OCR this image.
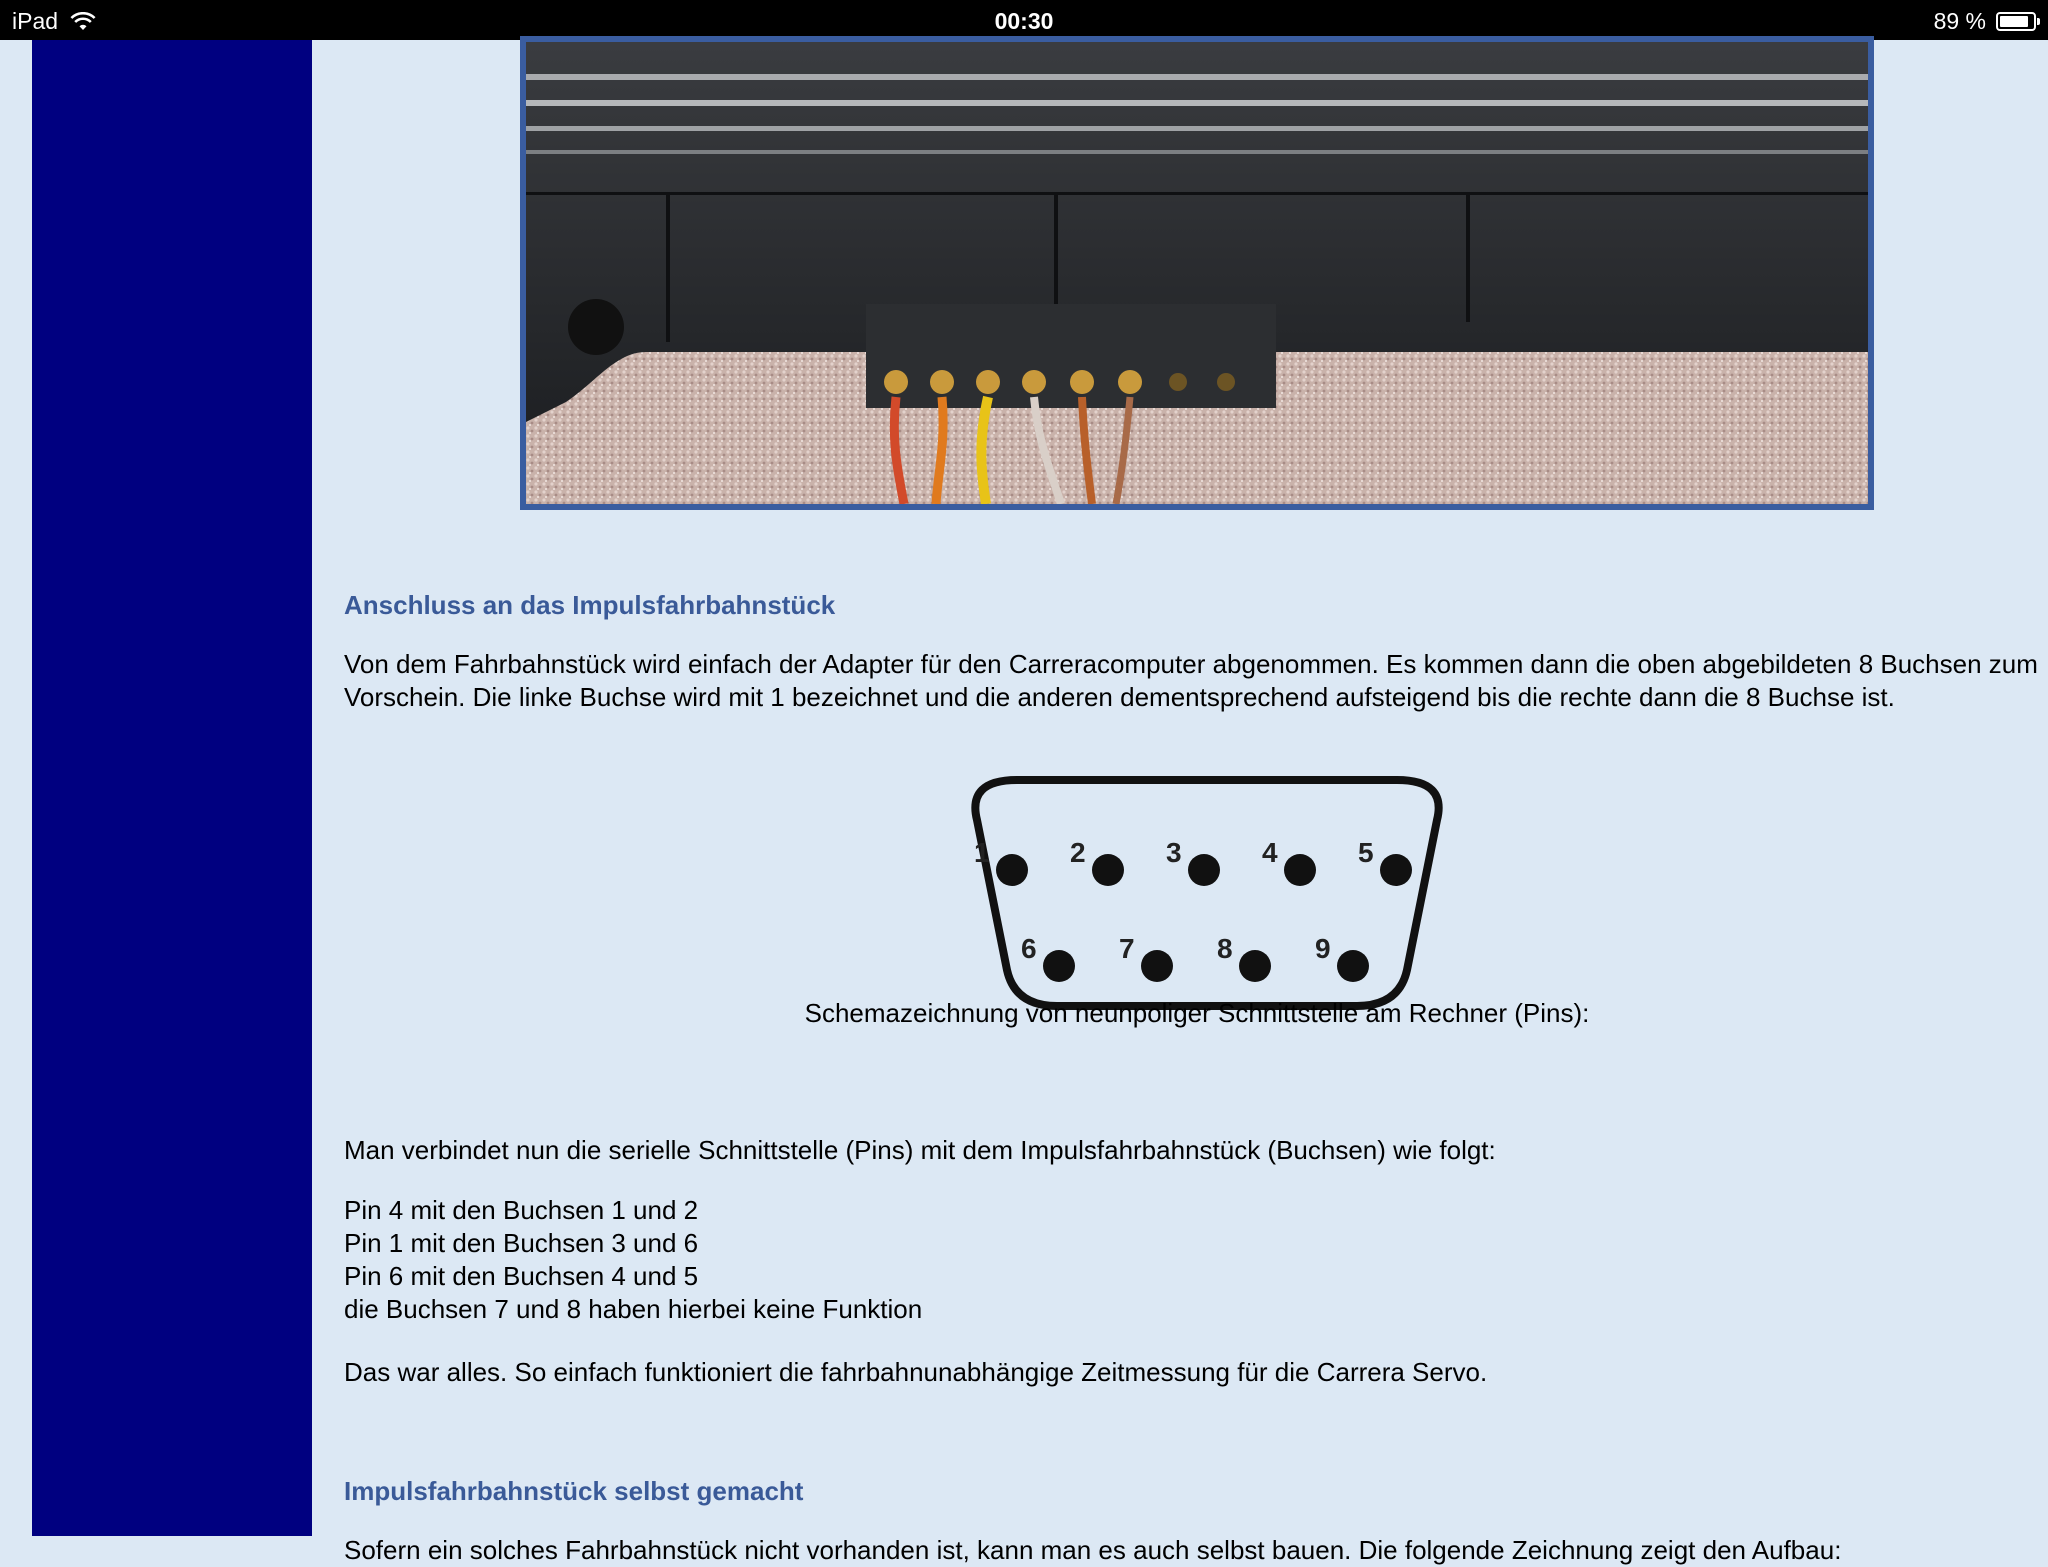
iPad	00:30	89 %
Anschluss an das Impulsfahrbahnstück

Von dem Fahrbahnstück wird einfach der Adapter für den Carreracomputer abgenommen. Es kommen dann die oben abgebildeten 8 Buchsen zum Vorschein. Die linke Buchse wird mit 1 bezeichnet und die anderen dementsprechend aufsteigend bis die rechte dann die 8 Buchse ist.

1	2	3	4	5
6	7	8	9
Schemazeichnung von neunpoliger Schnittstelle am Rechner (Pins):

Man verbindet nun die serielle Schnittstelle (Pins) mit dem Impulsfahrbahnstück (Buchsen) wie folgt:

Pin 4 mit den Buchsen 1 und 2
Pin 1 mit den Buchsen 3 und 6
Pin 6 mit den Buchsen 4 und 5
die Buchsen 7 und 8 haben hierbei keine Funktion

Das war alles. So einfach funktioniert die fahrbahnunabhängige Zeitmessung für die Carrera Servo.

Impulsfahrbahnstück selbst gemacht

Sofern ein solches Fahrbahnstück nicht vorhanden ist, kann man es auch selbst bauen. Die folgende Zeichnung zeigt den Aufbau:
